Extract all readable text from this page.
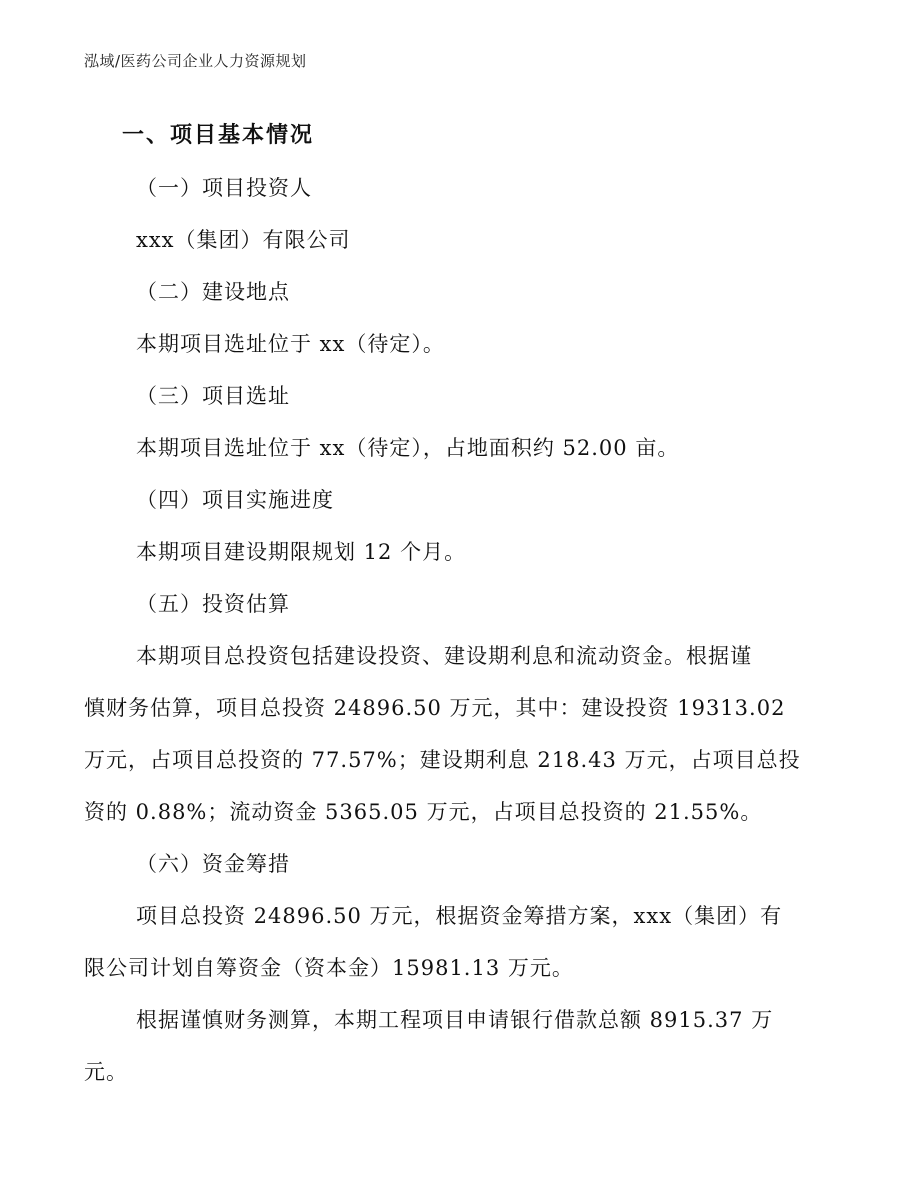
泓域/医药公司企业人力资源规划
一、项目基本情况
（一）项目投资人
xxx（集团）有限公司
（二）建设地点
本期项目选址位于 xx（待定）。
（三）项目选址
本期项目选址位于 xx（待定），占地面积约 52.00 亩。
（四）项目实施进度
本期项目建设期限规划 12 个月。
（五）投资估算
本期项目总投资包括建设投资、建设期利息和流动资金。根据谨
慎财务估算，项目总投资 24896.50 万元，其中：建设投资 19313.02
万元，占项目总投资的 77.57%；建设期利息 218.43 万元，占项目总投
资的 0.88%；流动资金 5365.05 万元，占项目总投资的 21.55%。
（六）资金筹措
项目总投资 24896.50 万元，根据资金筹措方案，xxx（集团）有
限公司计划自筹资金（资本金）15981.13 万元。
根据谨慎财务测算，本期工程项目申请银行借款总额 8915.37 万
元。
